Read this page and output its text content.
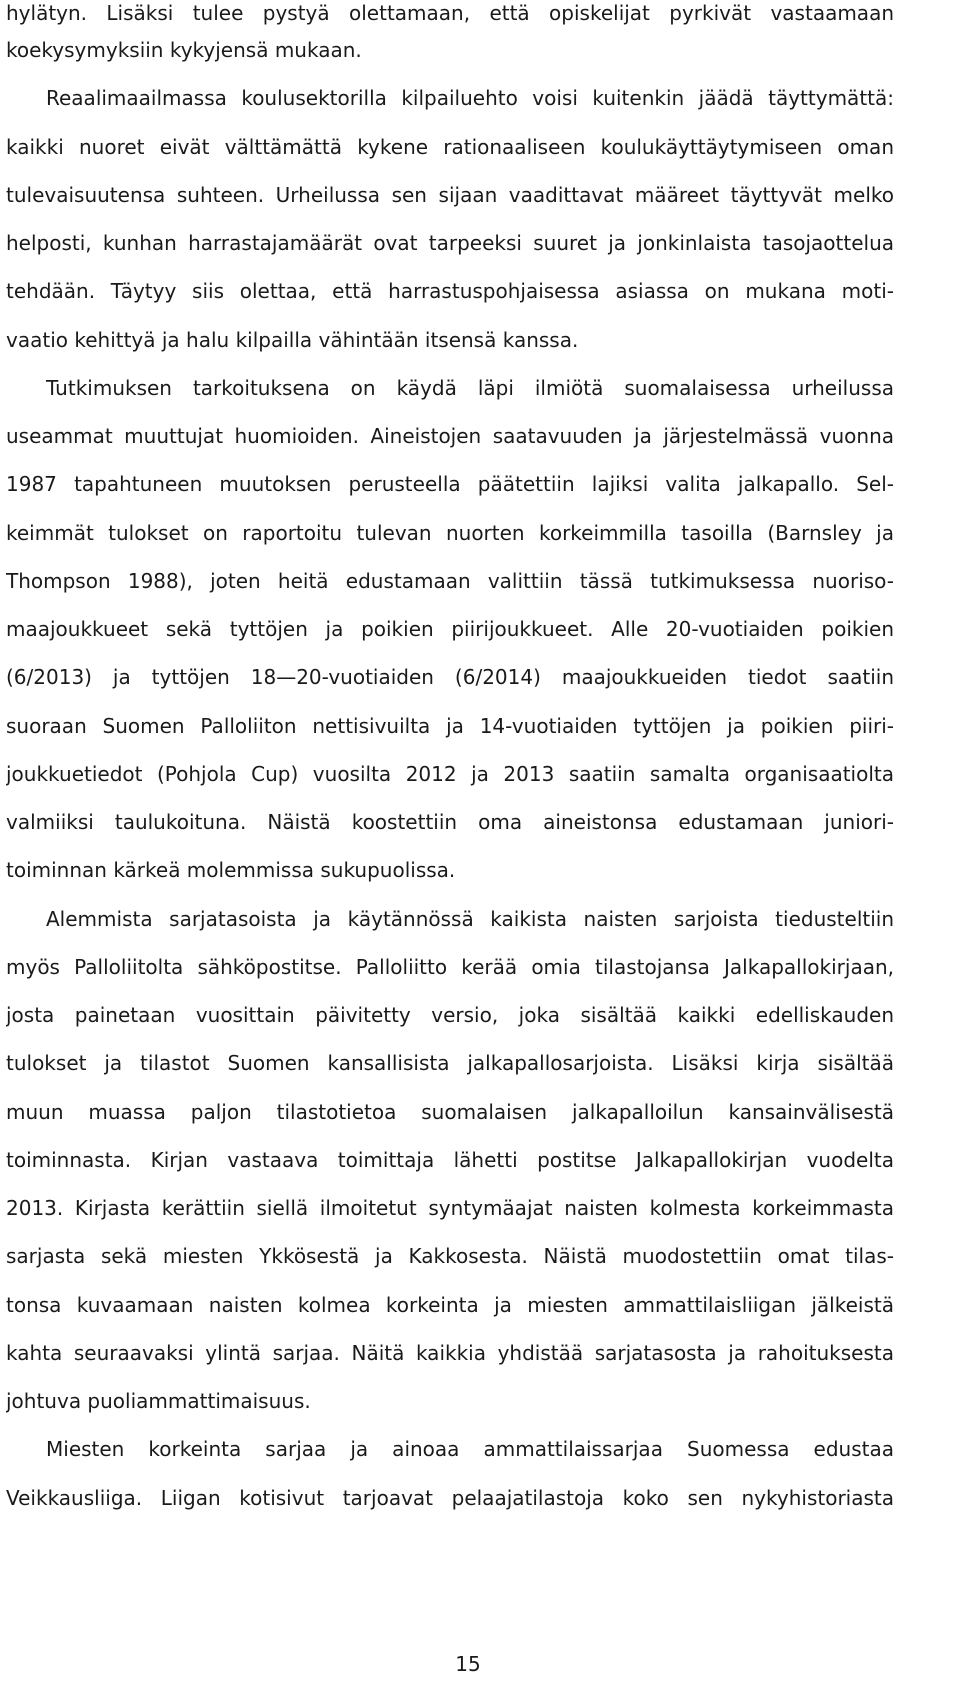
hylätyn. Lisäksi tulee pystyä olettamaan, että opiskelijat pyrkivät vastaamaan
koekysymyksiin kykyjensä mukaan.
Reaalimaailmassa koulusektorilla kilpailuehto voisi kuitenkin jäädä täyttymättä:
kaikki nuoret eivät välttämättä kykene rationaaliseen koulukäyttäytymiseen oman
tulevaisuutensa suhteen. Urheilussa sen sijaan vaadittavat määreet täyttyvät melko
helposti, kunhan harrastajamäärät ovat tarpeeksi suuret ja jonkinlaista tasojaottelua
tehdään. Täytyy siis olettaa, että harrastuspohjaisessa asiassa on mukana moti-
vaatio kehittyä ja halu kilpailla vähintään itsensä kanssa.
Tutkimuksen tarkoituksena on käydä läpi ilmiötä suomalaisessa urheilussa
useammat muuttujat huomioiden. Aineistojen saatavuuden ja järjestelmässä vuonna
1987 tapahtuneen muutoksen perusteella päätettiin lajiksi valita jalkapallo. Sel-
keimmät tulokset on raportoitu tulevan nuorten korkeimmilla tasoilla (Barnsley ja
Thompson 1988), joten heitä edustamaan valittiin tässä tutkimuksessa nuoriso-
maajoukkueet sekä tyttöjen ja poikien piirijoukkueet. Alle 20-vuotiaiden poikien
(6/2013) ja tyttöjen 18—20-vuotiaiden (6/2014) maajoukkueiden tiedot saatiin
suoraan Suomen Palloliiton nettisivuilta ja 14-vuotiaiden tyttöjen ja poikien piiri-
joukkuetiedot (Pohjola Cup) vuosilta 2012 ja 2013 saatiin samalta organisaatiolta
valmiiksi taulukoituna. Näistä koostettiin oma aineistonsa edustamaan juniori-
toiminnan kärkeä molemmissa sukupuolissa.
Alemmista sarjatasoista ja käytännössä kaikista naisten sarjoista tiedusteltiin
myös Palloliitolta sähköpostitse. Palloliitto kerää omia tilastojansa Jalkapallokirjaan,
josta painetaan vuosittain päivitetty versio, joka sisältää kaikki edelliskauden
tulokset ja tilastot Suomen kansallisista jalkapallosarjoista. Lisäksi kirja sisältää
muun muassa paljon tilastotietoa suomalaisen jalkapalloilun kansainvälisestä
toiminnasta. Kirjan vastaava toimittaja lähetti postitse Jalkapallokirjan vuodelta
2013. Kirjasta kerättiin siellä ilmoitetut syntymäajat naisten kolmesta korkeimmasta
sarjasta sekä miesten Ykkösestä ja Kakkosesta. Näistä muodostettiin omat tilas-
tonsa kuvaamaan naisten kolmea korkeinta ja miesten ammattilaisliigan jälkeistä
kahta seuraavaksi ylintä sarjaa. Näitä kaikkia yhdistää sarjatasosta ja rahoituksesta
johtuva puoliammattimaisuus.
Miesten korkeinta sarjaa ja ainoaa ammattilaissarjaa Suomessa edustaa
Veikkausliiga. Liigan kotisivut tarjoavat pelaajatilastoja koko sen nykyhistoriasta
15
